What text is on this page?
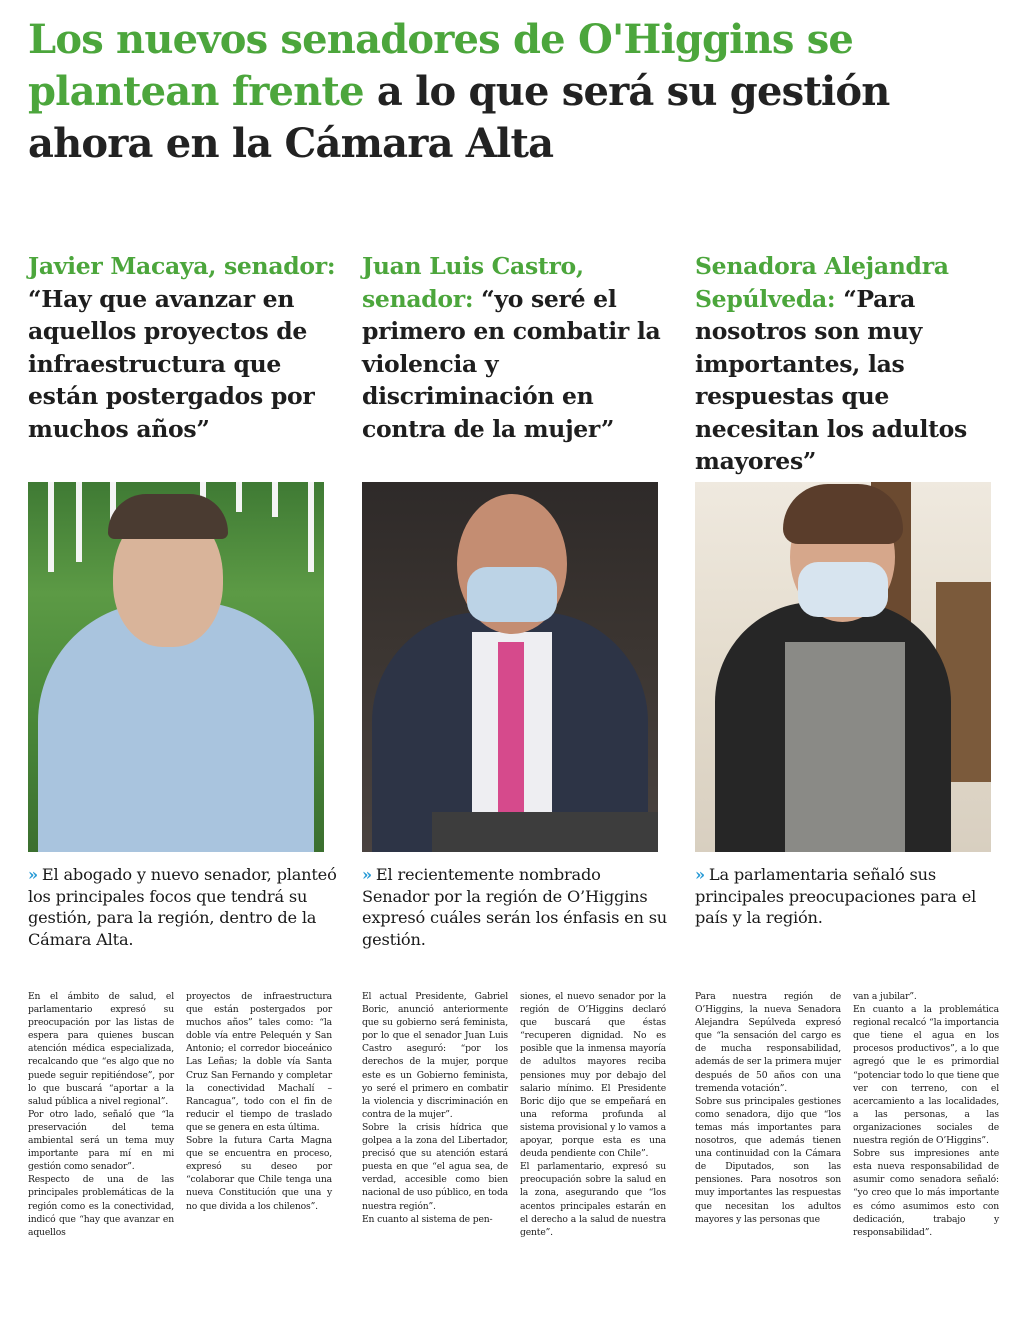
Los nuevos senadores de O'Higgins se plantean frente a lo que será su gestión ahora en la Cámara Alta
Javier Macaya, senador: “Hay que avanzar en aquellos proyectos de infraestructura que están postergados por muchos años”

» El abogado y nuevo senador, planteó los principales focos que tendrá su gestión, para la región, dentro de la Cámara Alta.

Juan Luis Castro, senador: “yo seré el primero en combatir la violencia y discriminación en contra de la mujer”

» El recientemente nombrado Senador por la región de O’Higgins expresó cuáles serán los énfasis en su gestión.

Senadora Alejandra Sepúlveda: “Para nosotros son muy importantes, las respuestas que necesitan los adultos mayores”

» La parlamentaria señaló sus principales preocupaciones para el país y la región.

En el ámbito de salud, el parlamentario expresó su preocupación por las listas de espera para quienes buscan atención médica especializada, recalcando que “es algo que no puede seguir repitiéndose”, por lo que buscará “aportar a la salud pública a nivel regional”.

Por otro lado, señaló que “la preservación del tema ambiental será un tema muy importante para mí en mi gestión como senador”.

Respecto de una de las principales problemáticas de la región como es la conectividad, indicó que “hay que avanzar en aquellos

proyectos de infraestructura que están postergados por muchos años” tales como: “la doble vía entre Pelequén y San Antonio; el corredor bioceánico Las Leñas; la doble vía Santa Cruz San Fernando y completar la conectividad Machalí – Rancagua”, todo con el fin de reducir el tiempo de traslado que se genera en esta última.

Sobre la futura Carta Magna que se encuentra en proceso, expresó su deseo por “colaborar que Chile tenga una nueva Constitución que una y no que divida a los chilenos”.

El actual Presidente, Gabriel Boric, anunció anteriormente que su gobierno será feminista, por lo que el senador Juan Luis Castro aseguró: “por los derechos de la mujer, porque este es un Gobierno feminista, yo seré el primero en combatir la violencia y discriminación en contra de la mujer”.

Sobre la crisis hídrica que golpea a la zona del Libertador, precisó que su atención estará puesta en que “el agua sea, de verdad, accesible como bien nacional de uso público, en toda nuestra región”.

En cuanto al sistema de pen-

siones, el nuevo senador por la región de O’Higgins declaró que buscará que éstas “recuperen dignidad. No es posible que la inmensa mayoría de adultos mayores reciba pensiones muy por debajo del salario mínimo. El Presidente Boric dijo que se empeñará en una reforma profunda al sistema provisional y lo vamos a apoyar, porque esta es una deuda pendiente con Chile”.

El parlamentario, expresó su preocupación sobre la salud en la zona, asegurando que “los acentos principales estarán en el derecho a la salud de nuestra gente”.

Para nuestra región de O’Higgins, la nueva Senadora Alejandra Sepúlveda expresó que “la sensación del cargo es de mucha responsabilidad, además de ser la primera mujer después de 50 años con una tremenda votación”.

Sobre sus principales gestiones como senadora, dijo que “los temas más importantes para nosotros, que además tienen una continuidad con la Cámara de Diputados, son las pensiones. Para nosotros son muy importantes las respuestas que necesitan los adultos mayores y las personas que

van a jubilar”.

En cuanto a la problemática regional recalcó “la importancia que tiene el agua en los procesos productivos”, a lo que agregó que le es primordial “potenciar todo lo que tiene que ver con terreno, con el acercamiento a las localidades, a las personas, a las organizaciones sociales de nuestra región de O’Higgins”.

Sobre sus impresiones ante esta nueva responsabilidad de asumir como senadora señaló: “yo creo que lo más importante es cómo asumimos esto con dedicación, trabajo y responsabilidad”.
